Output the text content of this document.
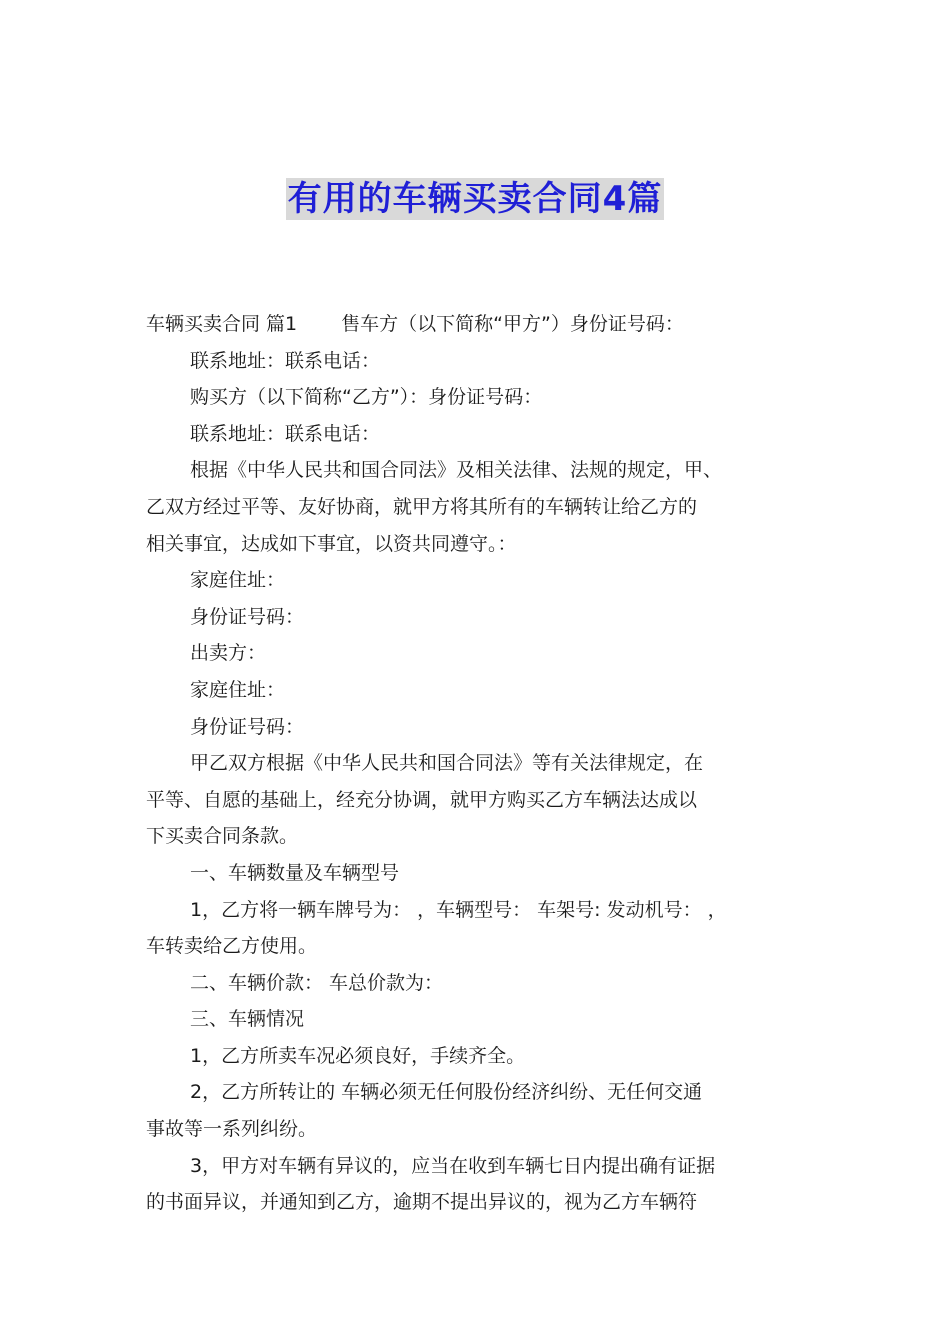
有用的车辆买卖合同4篇

车辆买卖合同 篇1 售车方（以下简称“甲方”）身份证号码：

联系地址：联系电话：

购买方（以下简称“乙方”）：身份证号码：

联系地址：联系电话：

根据《中华人民共和国合同法》及相关法律、法规的规定，甲、

乙双方经过平等、友好协商，就甲方将其所有的车辆转让给乙方的

相关事宜，达成如下事宜，以资共同遵守。：

家庭住址：

身份证号码：

出卖方：

家庭住址：

身份证号码：

甲乙双方根据《中华人民共和国合同法》等有关法律规定，在

平等、自愿的基础上，经充分协调，就甲方购买乙方车辆法达成以

下买卖合同条款。

一、车辆数量及车辆型号

1，乙方将一辆车牌号为： ，车辆型号： 车架号: 发动机号： ，

车转卖给乙方使用。

二、车辆价款： 车总价款为：

三、车辆情况

1，乙方所卖车况必须良好，手续齐全。

2，乙方所转让的 车辆必须无任何股份经济纠纷、无任何交通

事故等一系列纠纷。

3，甲方对车辆有异议的，应当在收到车辆七日内提出确有证据

的书面异议，并通知到乙方，逾期不提出异议的，视为乙方车辆符
